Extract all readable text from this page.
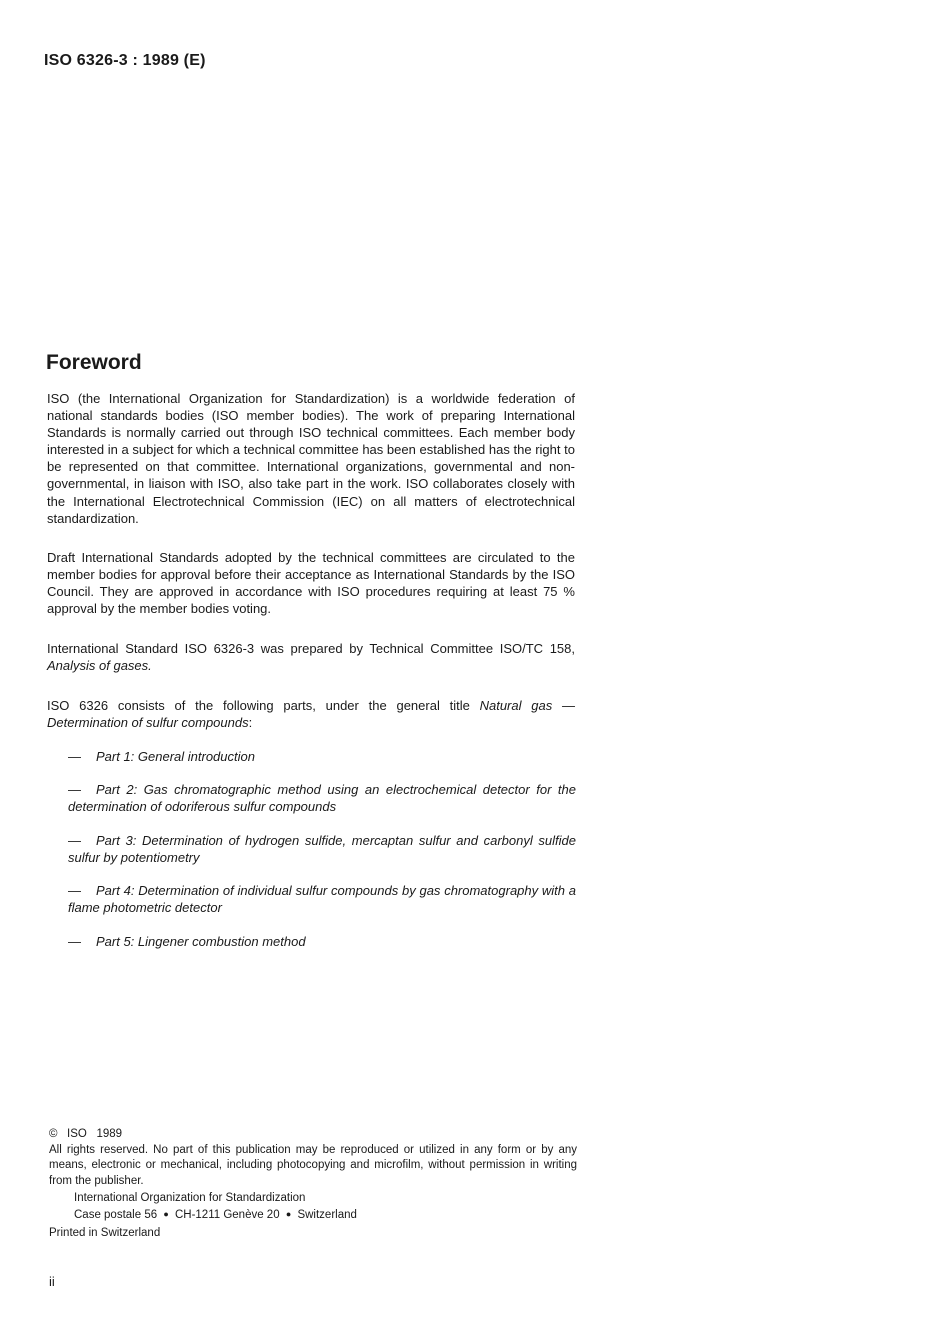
ISO 6326-3 : 1989 (E)
Foreword

ISO (the International Organization for Standardization) is a worldwide federation of national standards bodies (ISO member bodies). The work of preparing International Standards is normally carried out through ISO technical committees. Each member body interested in a subject for which a technical committee has been established has the right to be represented on that committee. International organizations, governmental and non-governmental, in liaison with ISO, also take part in the work. ISO collaborates closely with the International Electrotechnical Commission (IEC) on all matters of electrotechnical standardization.

Draft International Standards adopted by the technical committees are circulated to the member bodies for approval before their acceptance as International Standards by the ISO Council. They are approved in accordance with ISO procedures requiring at least 75 % approval by the member bodies voting.

International Standard ISO 6326-3 was prepared by Technical Committee ISO/TC 158, Analysis of gases.

ISO 6326 consists of the following parts, under the general title Natural gas — Determination of sulfur compounds:

— Part 1: General introduction

— Part 2: Gas chromatographic method using an electrochemical detector for the determination of odoriferous sulfur compounds

— Part 3: Determination of hydrogen sulfide, mercaptan sulfur and carbonyl sulfide sulfur by potentiometry

— Part 4: Determination of individual sulfur compounds by gas chromatography with a flame photometric detector

— Part 5: Lingener combustion method

©   ISO   1989

All rights reserved. No part of this publication may be reproduced or utilized in any form or by any means, electronic or mechanical, including photocopying and microfilm, without permission in writing from the publisher.

International Organization for Standardization

Case postale 56 ● CH-1211 Genève 20 ● Switzerland

Printed in Switzerland

ii
